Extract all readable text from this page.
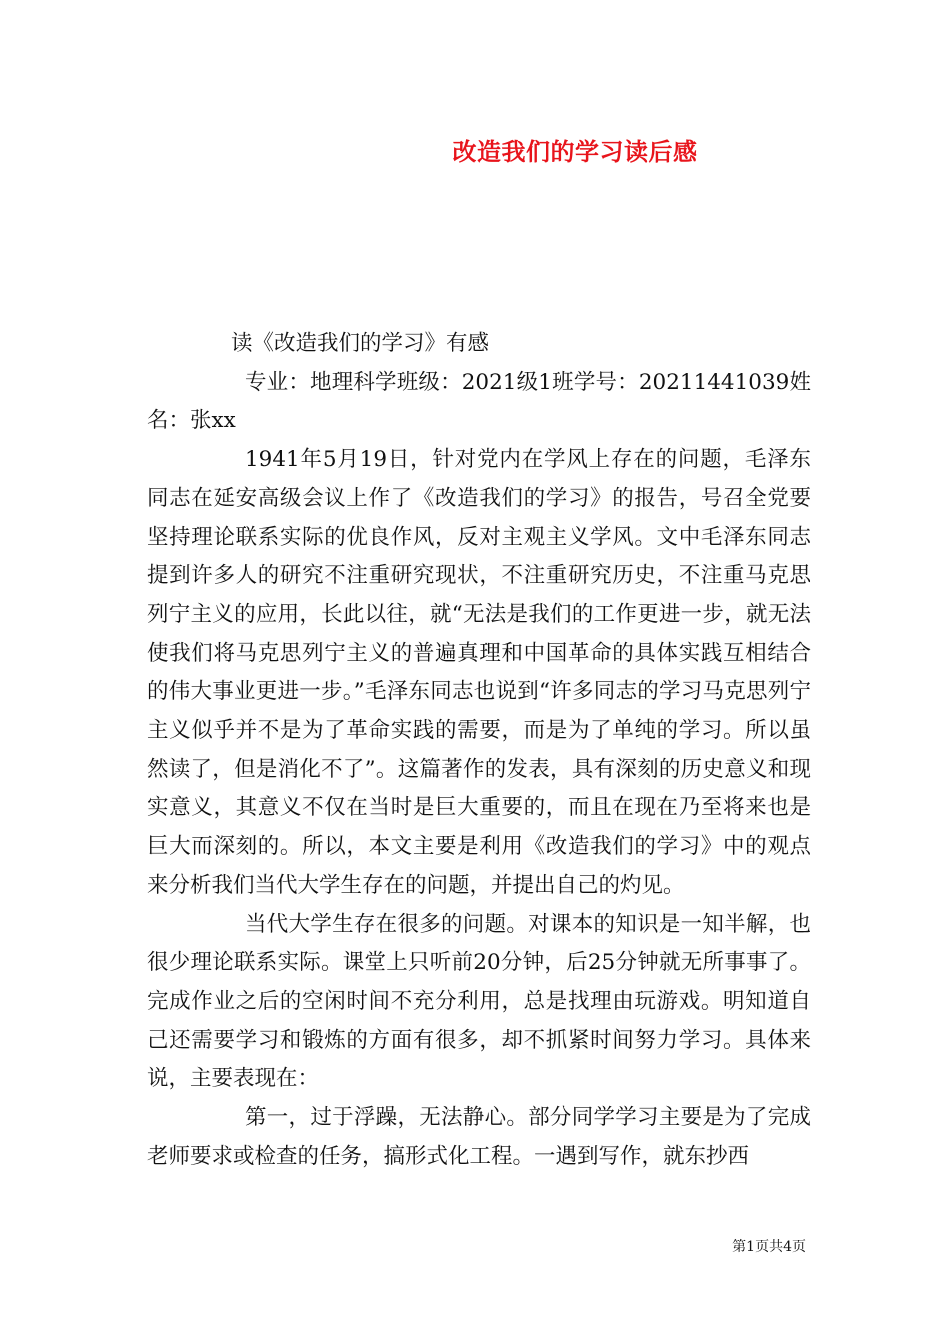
改造我们的学习读后感

读《改造我们的学习》有感

专业：地理科学班级：2021级1班学号：20211441039姓名：张xx

1941年5月19日，针对党内在学风上存在的问题，毛泽东同志在延安高级会议上作了《改造我们的学习》的报告，号召全党要坚持理论联系实际的优良作风，反对主观主义学风。文中毛泽东同志提到许多人的研究不注重研究现状，不注重研究历史，不注重马克思列宁主义的应用，长此以往，就“无法是我们的工作更进一步，就无法使我们将马克思列宁主义的普遍真理和中国革命的具体实践互相结合的伟大事业更进一步。”毛泽东同志也说到“许多同志的学习马克思列宁主义似乎并不是为了革命实践的需要，而是为了单纯的学习。所以虽然读了，但是消化不了”。这篇著作的发表，具有深刻的历史意义和现实意义，其意义不仅在当时是巨大重要的，而且在现在乃至将来也是巨大而深刻的。所以，本文主要是利用《改造我们的学习》中的观点来分析我们当代大学生存在的问题，并提出自己的灼见。

当代大学生存在很多的问题。对课本的知识是一知半解，也很少理论联系实际。课堂上只听前20分钟，后25分钟就无所事事了。完成作业之后的空闲时间不充分利用，总是找理由玩游戏。明知道自己还需要学习和锻炼的方面有很多，却不抓紧时间努力学习。具体来说，主要表现在：

第一，过于浮躁，无法静心。部分同学学习主要是为了完成老师要求或检查的任务，搞形式化工程。一遇到写作，就东抄西

第1页共4页
